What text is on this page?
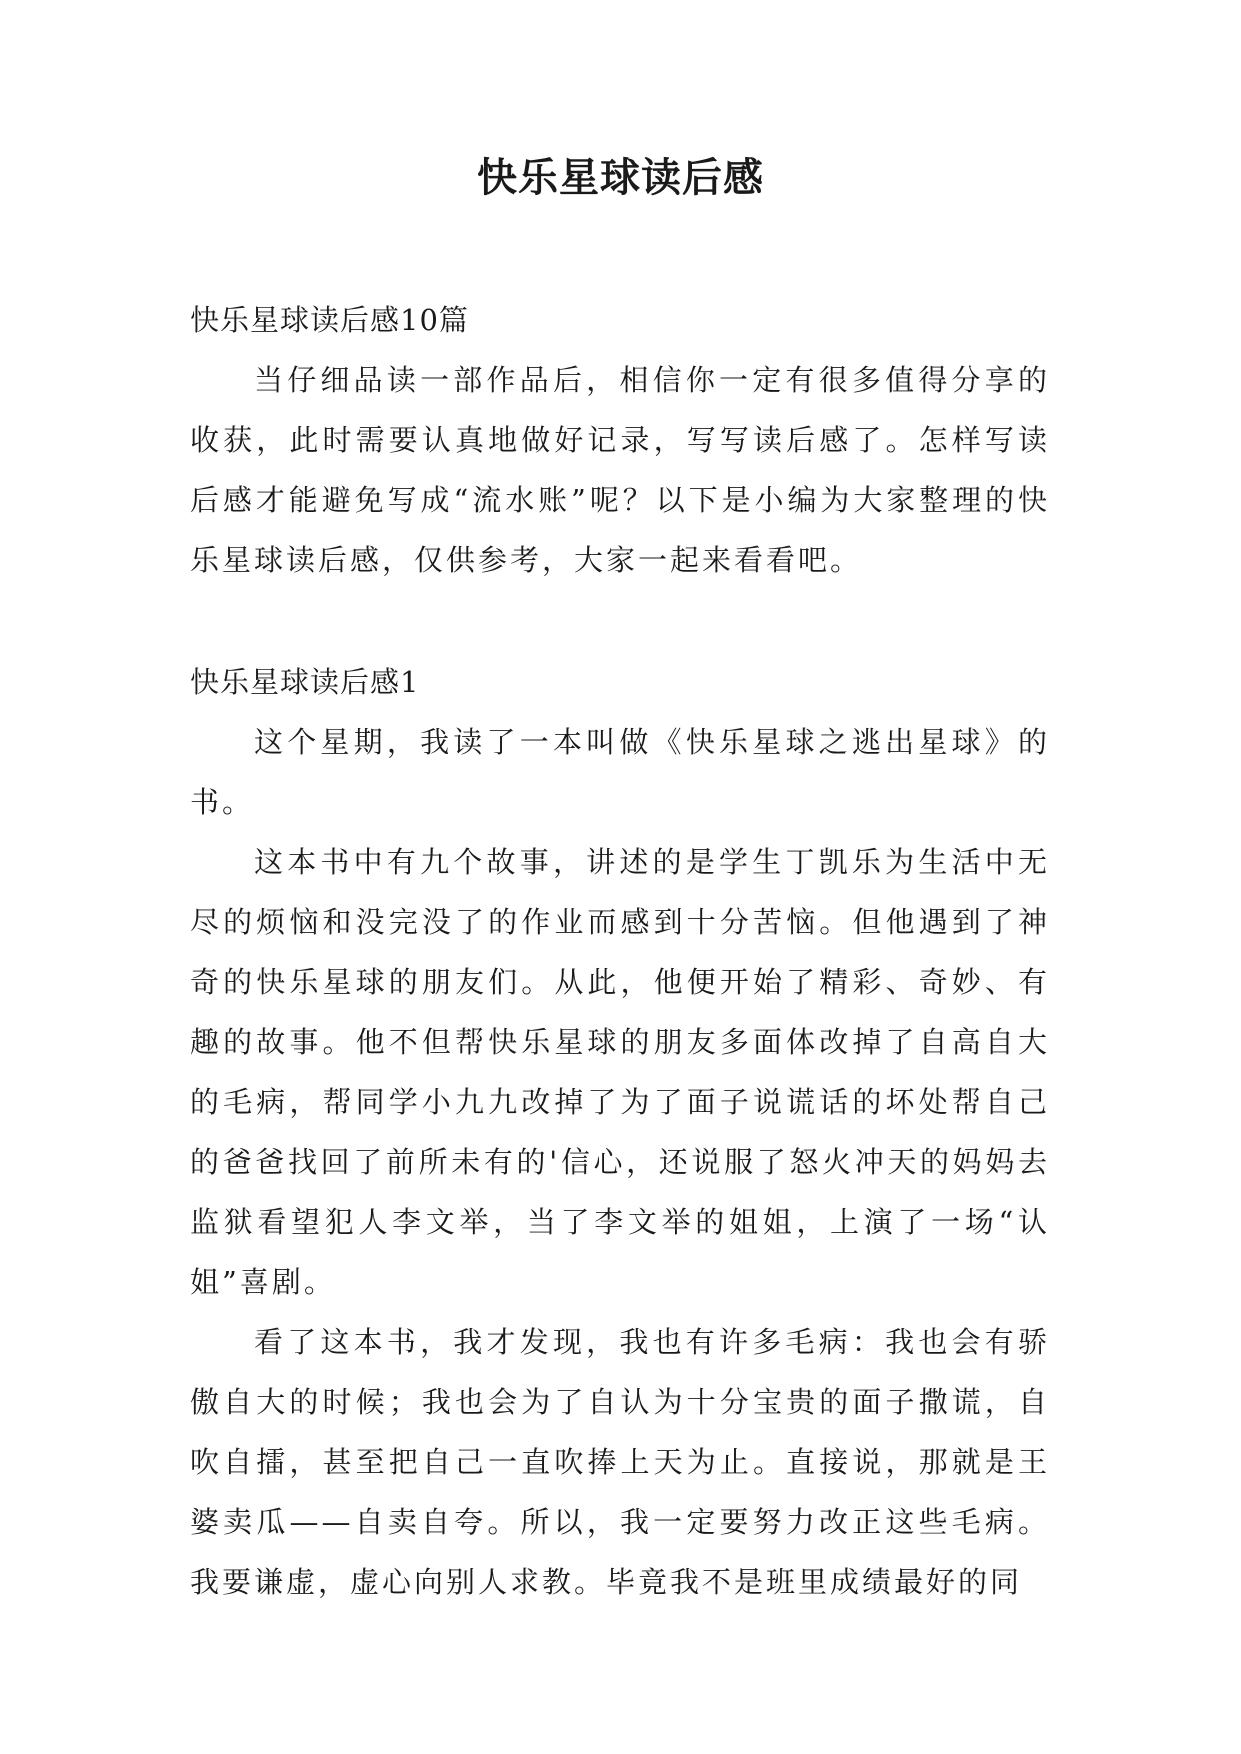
快乐星球读后感

快乐星球读后感10篇

当仔细品读一部作品后，相信你一定有很多值得分享的收获，此时需要认真地做好记录，写写读后感了。怎样写读后感才能避免写成“流水账”呢？以下是小编为大家整理的快乐星球读后感，仅供参考，大家一起来看看吧。

快乐星球读后感1

这个星期，我读了一本叫做《快乐星球之逃出星球》的书。

这本书中有九个故事，讲述的是学生丁凯乐为生活中无尽的烦恼和没完没了的作业而感到十分苦恼。但他遇到了神奇的快乐星球的朋友们。从此，他便开始了精彩、奇妙、有趣的故事。他不但帮快乐星球的朋友多面体改掉了自高自大的毛病，帮同学小九九改掉了为了面子说谎话的坏处帮自己的爸爸找回了前所未有的'信心，还说服了怒火冲天的妈妈去监狱看望犯人李文举，当了李文举的姐姐，上演了一场“认姐”喜剧。

看了这本书，我才发现，我也有许多毛病：我也会有骄傲自大的时候；我也会为了自认为十分宝贵的面子撒谎，自吹自擂，甚至把自己一直吹捧上天为止。直接说，那就是王婆卖瓜——自卖自夸。所以，我一定要努力改正这些毛病。我要谦虚，虚心向别人求教。毕竟我不是班里成绩最好的同
